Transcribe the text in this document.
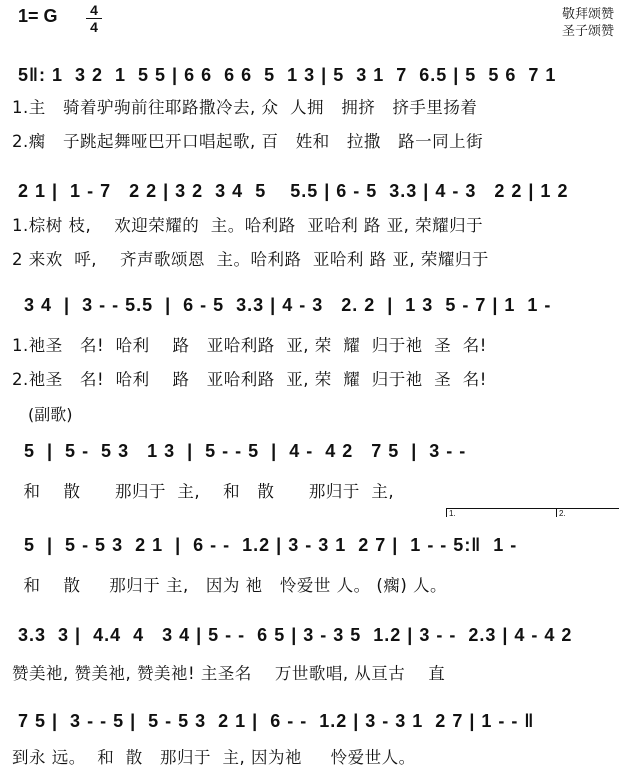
1= G 4
4
敬拜颂赞
圣子颂赞
5‖: 1  3 2  1  5 5 | 6 6  6 6  5  1 3 | 5  3 1  7  6.5 | 5  5 6  7 1
1.主   骑着驴驹前往耶路撒冷去, 众  人拥   拥挤   挤手里扬着
2.瘸   子跳起舞哑巴开口唱起歌, 百   姓和   拉撒   路一同上街
2 1 |  1 - 7   2 2 | 3 2  3 4  5    5.5 | 6 - 5  3.3 | 4 - 3   2 2 | 1 2
1.棕树 枝,    欢迎荣耀的  主。哈利路  亚哈利 路 亚, 荣耀归于
2 来欢  呼,    齐声歌颂恩  主。哈利路  亚哈利 路 亚, 荣耀归于
3 4  |  3 - - 5.5  |  6 - 5  3.3 | 4 - 3   2. 2  |  1 3  5 - 7 | 1  1 -
1.祂圣   名!  哈利    路   亚哈利路  亚, 荣  耀  归于祂  圣  名!
2.祂圣   名!  哈利    路   亚哈利路  亚, 荣  耀  归于祂  圣  名!
(副歌)
5  |  5 -  5 3   1 3  |  5 - - 5  |  4 -  4 2   7 5  |  3 - -
和    散      那归于  主,    和   散      那归于  主,
1.	2.
5  |  5 - 5 3  2 1  |  6 - -  1.2 | 3 - 3 1  2 7 |  1 - - 5:‖  1 -
和    散     那归于 主,   因为 祂   怜爱世 人。 (瘸) 人。
3.3  3 |  4.4  4   3 4 | 5 - -  6 5 | 3 - 3 5  1.2 | 3 - -  2.3 | 4 - 4 2
赞美祂, 赞美祂, 赞美祂! 主圣名    万世歌唱, 从亘古    直
7 5 |  3 - - 5 |  5 - 5 3  2 1 |  6 - -  1.2 | 3 - 3 1  2 7 | 1 - - ‖
到永 远。  和  散   那归于  主, 因为祂     怜爱世人。
